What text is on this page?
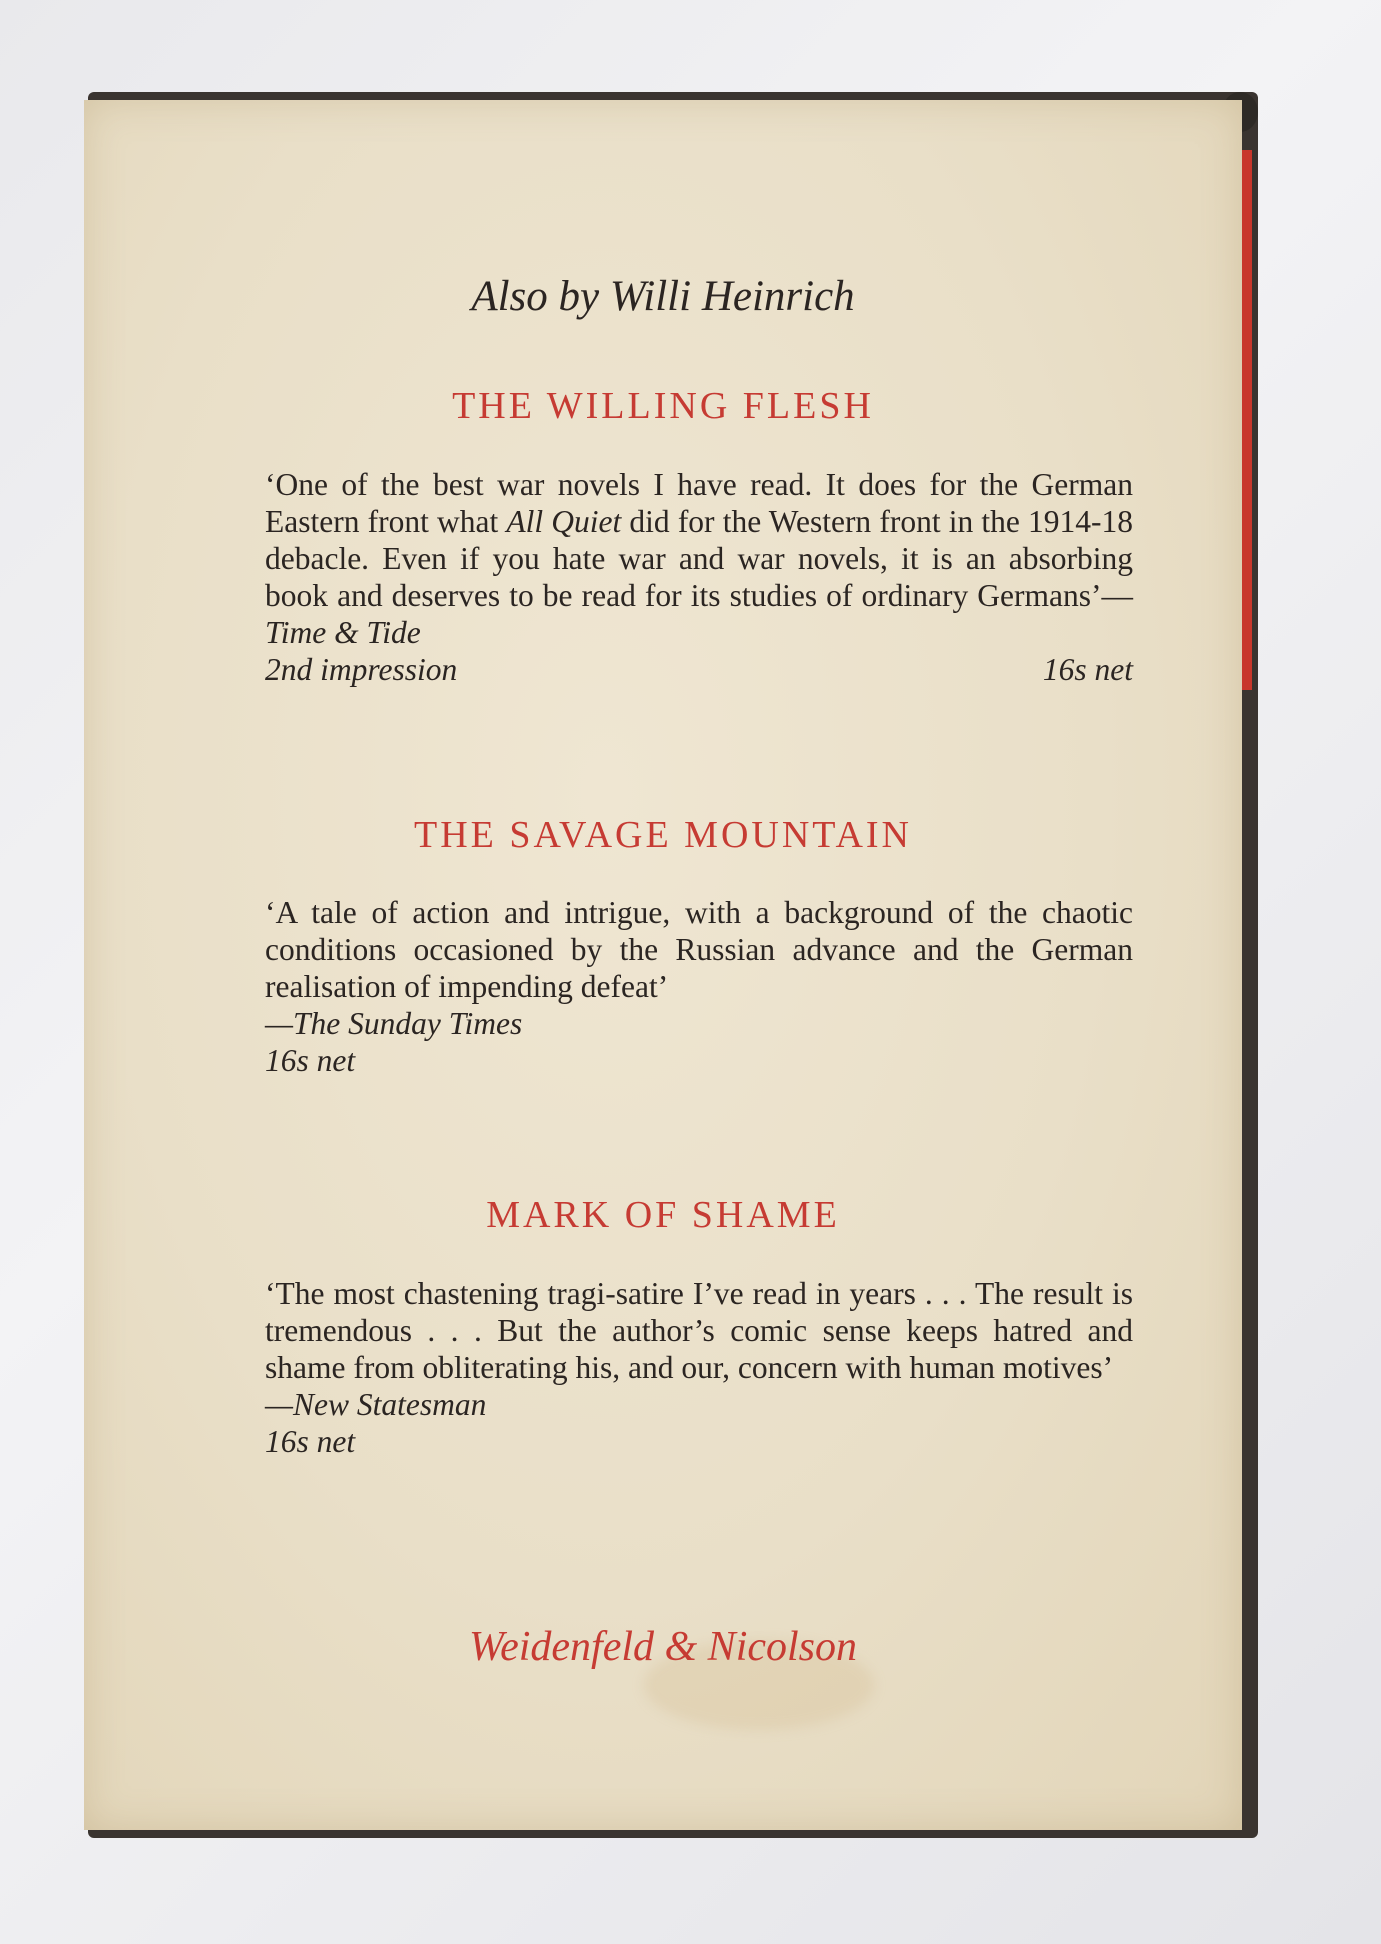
Also by Willi Heinrich
THE WILLING FLESH
‘One of the best war novels I have read. It does for the German Eastern front what All Quiet did for the Western front in the 1914-18 debacle. Even if you hate war and war novels, it is an absorbing book and deserves to be read for its studies of ordinary Germans’—Time & Tide
2nd impression	16s net
THE SAVAGE MOUNTAIN
‘A tale of action and intrigue, with a background of the chaotic conditions occasioned by the Russian advance and the German realisation of impending defeat’
—The Sunday Times
16s net
MARK OF SHAME
‘The most chastening tragi-satire I’ve read in years . . . The result is tremendous . . . But the author’s comic sense keeps hatred and shame from obliterating his, and our, concern with human motives’
—New Statesman
16s net
Weidenfeld & Nicolson
